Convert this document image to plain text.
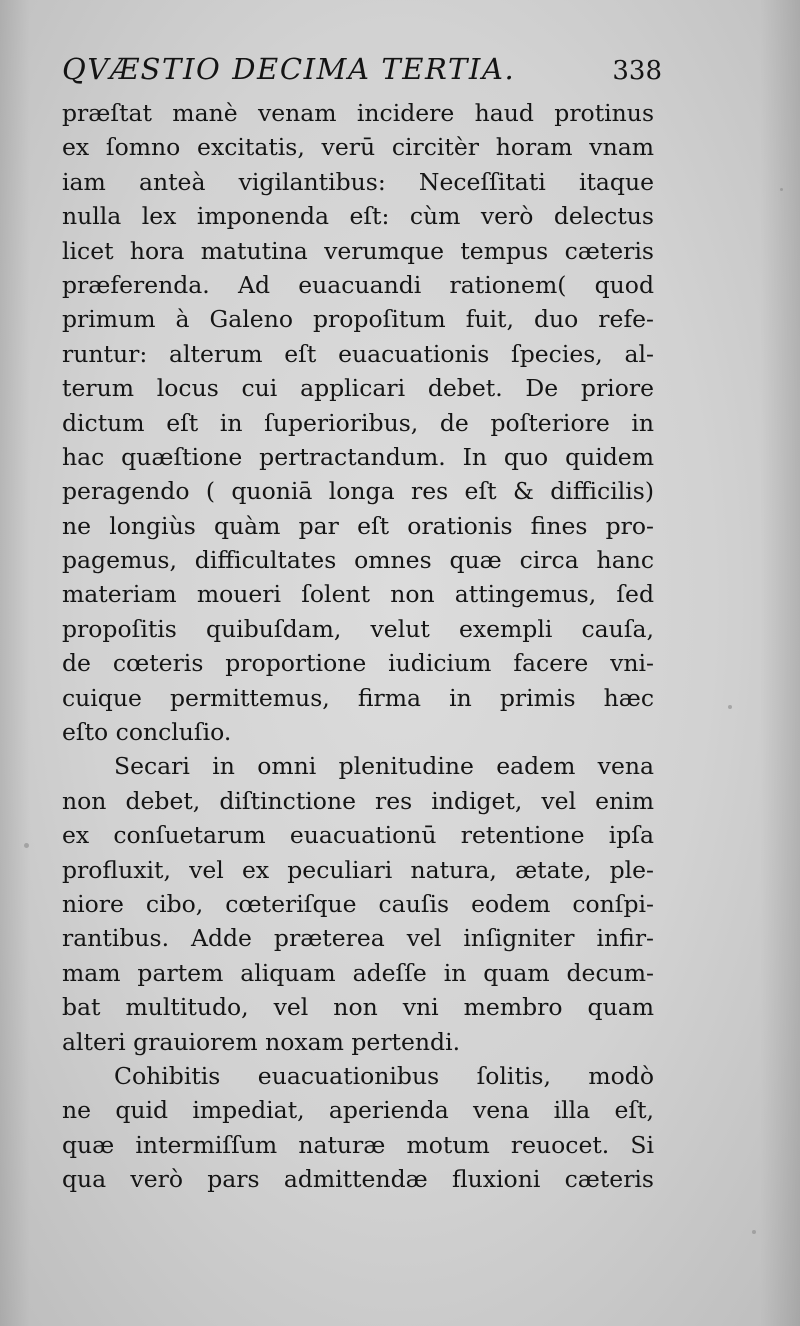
QVÆSTIO DECIMA TERTIA.	338
præſtat manè venam incidere haud protinus
ex ſomno excitatis, verū circitèr horam vnam
iam anteà vigilantibus: Neceſſitati itaque
nulla lex imponenda eſt: cùm verò delectus
licet hora matutina verumque tempus cæteris
præferenda. Ad euacuandi rationem( quod
primum à Galeno propoſitum fuit, duo refe-
runtur: alterum eſt euacuationis ſpecies, al-
terum locus cui applicari debet. De priore
dictum eſt in ſuperioribus, de poſteriore in
hac quæſtione pertractandum. In quo quidem
peragendo ( quoniā longa res eſt & difficilis)
ne longiùs quàm par eſt orationis fines pro-
pagemus, difficultates omnes quæ circa hanc
materiam moueri ſolent non attingemus, ſed
propoſitis quibuſdam, velut exempli cauſa,
de cœteris proportione iudicium facere vni-
cuique permittemus, firma in primis hæc
eſto concluſio.
Secari in omni plenitudine eadem vena
non debet, diſtinctione res indiget, vel enim
ex conſuetarum euacuationū retentione ipſa
profluxit, vel ex peculiari natura, ætate, ple-
niore cibo, cœteriſque cauſis eodem conſpi-
rantibus. Adde præterea vel inſigniter infir-
mam partem aliquam adeſſe in quam decum-
bat multitudo, vel non vni membro quam
alteri grauiorem noxam pertendi.
Cohibitis euacuationibus ſolitis, modò
ne quid impediat, aperienda vena illa eſt,
quæ intermiſſum naturæ motum reuocet. Si
qua verò pars admittendæ fluxioni cæteris
